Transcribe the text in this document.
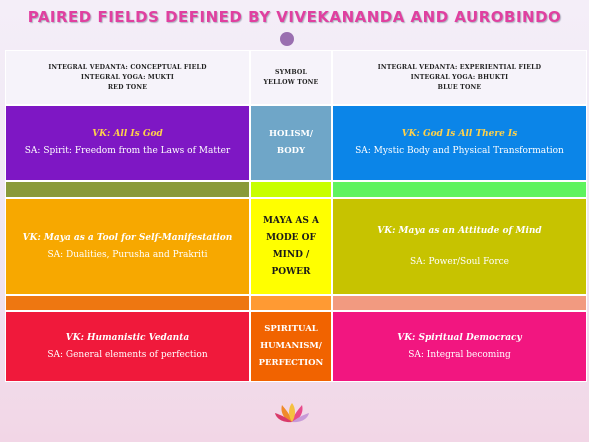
PAIRED FIELDS DEFINED BY VIVEKANANDA AND AUROBINDO
INTEGRAL VEDANTA: CONCEPTUAL FIELD
INTEGRAL YOGA: MUKTI
RED TONE
SYMBOL
YELLOW TONE
INTEGRAL VEDANTA: EXPERIENTIAL FIELD
INTEGRAL YOGA: BHUKTI
BLUE TONE
VK: All Is God
SA: Spirit: Freedom from the Laws of Matter
HOLISM/
BODY
VK: God Is All There Is
SA: Mystic Body and Physical Transformation
VK: Maya as a Tool for Self-Manifestation
SA: Dualities, Purusha and Prakriti
MAYA AS A
MODE OF
MIND /
POWER
VK: Maya as an Attitude of Mind
SA: Power/Soul Force
VK: Humanistic Vedanta
SA: General elements of perfection
SPIRITUAL
HUMANISM/
PERFECTION
VK: Spiritual Democracy
SA: Integral becoming
